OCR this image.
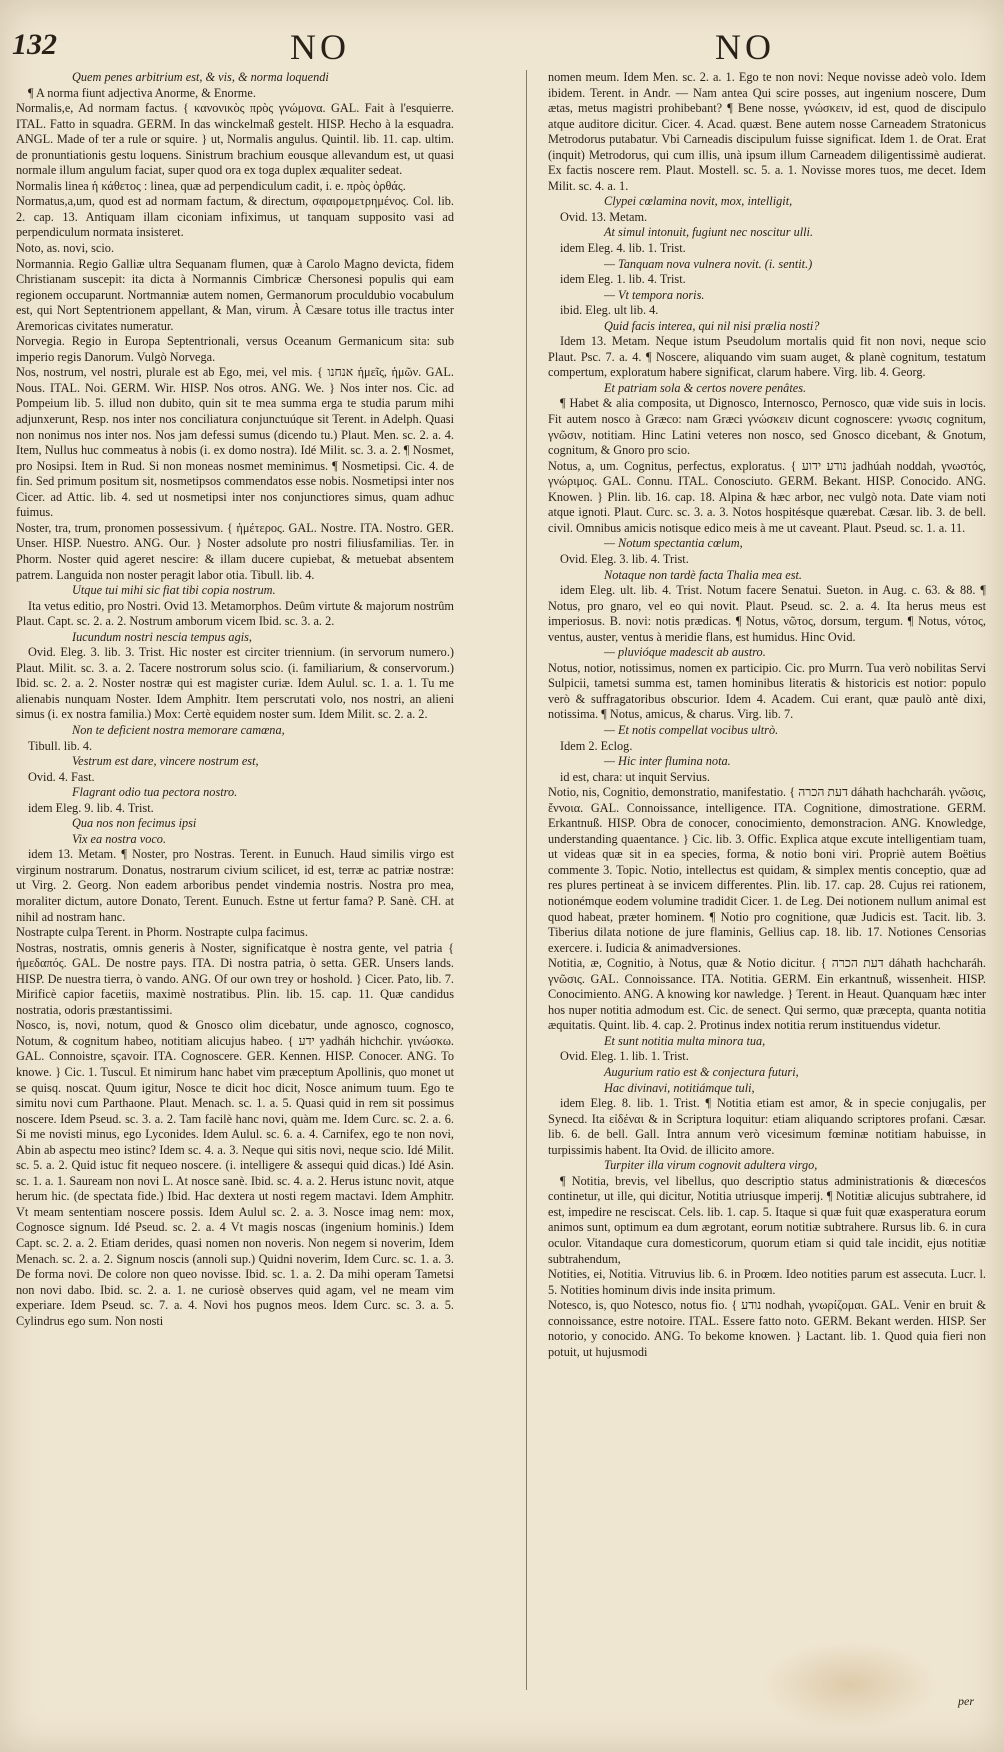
132	NO	NO

Quem penes arbitrium est, & vis, & norma loquendi

¶ A norma fiunt adjectiva Anorme, & Enorme.

Normalis,e, Ad normam factus. { κανονικὸς πρὸς γνώμονα. GAL. Fait à l'esquierre. ITAL. Fatto in squadra. GERM. In das winckelmaß gestelt. HISP. Hecho à la esquadra. ANGL. Made of ter a rule or squire. } ut, Normalis angulus. Quintil. lib. 11. cap. ultim. de pronuntiationis gestu loquens. Sinistrum brachium eousque allevandum est, ut quasi normale illum angulum faciat, super quod ora ex toga duplex æqualiter sedeat.

Normalis linea ἡ κάθετος : linea, quæ ad perpendiculum cadit, i. e. πρὸς ὀρθάς.

Normatus,a,um, quod est ad normam factum, & directum, σφαιρομετρημένος. Col. lib. 2. cap. 13. Antiquam illam ciconiam infiximus, ut tanquam supposito vasi ad perpendiculum normata insisteret.

Noto, as. novi, scio.

Normannia. Regio Galliæ ultra Sequanam flumen, quæ à Carolo Magno devicta, fidem Christianam suscepit: ita dicta à Normannis Cimbricæ Chersonesi populis qui eam regionem occuparunt. Nortmanniæ autem nomen, Germanorum proculdubio vocabulum est, qui Nort Septentrionem appellant, & Man, virum. À Cæsare totus ille tractus inter Aremoricas civitates numeratur.

Norvegia. Regio in Europa Septentrionali, versus Oceanum Germanicum sita: sub imperio regis Danorum. Vulgò Norvega.

Nos, nostrum, vel nostri, plurale est ab Ego, mei, vel mis. { אנחנו ἡμεῖς, ἡμῶν. GAL. Nous. ITAL. Noi. GERM. Wir. HISP. Nos otros. ANG. We. } Nos inter nos. Cic. ad Pompeium lib. 5. illud non dubito, quin sit te mea summa erga te studia parum mihi adjunxerunt, Resp. nos inter nos conciliatura conjunctuúque sit Terent. in Adelph. Quasi non nonimus nos inter nos. Nos jam defessi sumus (dicendo tu.) Plaut. Men. sc. 2. a. 4. Item, Nullus huc commeatus à nobis (i. ex domo nostra). Idé Milit. sc. 3. a. 2. ¶ Nosmet, pro Nosipsi. Item in Rud. Si non moneas nosmet meminimus. ¶ Nosmetipsi. Cic. 4. de fin. Sed primum positum sit, nosmetipsos commendatos esse nobis. Nosmetipsi inter nos Cicer. ad Attic. lib. 4. sed ut nosmetipsi inter nos conjunctiores simus, quam adhuc fuimus.

Noster, tra, trum, pronomen possessivum. { ἡμέτερος. GAL. Nostre. ITA. Nostro. GER. Unser. HISP. Nuestro. ANG. Our. } Noster adsolute pro nostri filiusfamilias. Ter. in Phorm. Noster quid ageret nescire: & illam ducere cupiebat, & metuebat absentem patrem. Languida non noster peragit labor otia. Tibull. lib. 4.

Utque tui mihi sic fiat tibi copia nostrum.

Ita vetus editio, pro Nostri. Ovid 13. Metamorphos. Deûm virtute & majorum nostrûm Plaut. Capt. sc. 2. a. 2. Nostrum amborum vicem Ibid. sc. 3. a. 2.

Iucundum nostri nescia tempus agis,

Ovid. Eleg. 3. lib. 3. Trist. Hic noster est circiter triennium. (in servorum numero.) Plaut. Milit. sc. 3. a. 2. Tacere nostrorum solus scio. (i. familiarium, & conservorum.) Ibid. sc. 2. a. 2. Noster nostræ qui est magister curiæ. Idem Aulul. sc. 1. a. 1. Tu me alienabis nunquam Noster. Idem Amphitr. Item perscrutati volo, nos nostri, an alieni simus (i. ex nostra familia.) Mox: Certè equidem noster sum. Idem Milit. sc. 2. a. 2.

Non te deficient nostra memorare camœna,

Tibull. lib. 4.

Vestrum est dare, vincere nostrum est,

Ovid. 4. Fast.

Flagrant odio tua pectora nostro.

idem Eleg. 9. lib. 4. Trist.

Qua nos non fecimus ipsi

Vix ea nostra voco.

idem 13. Metam. ¶ Noster, pro Nostras. Terent. in Eunuch. Haud similis virgo est virginum nostrarum. Donatus, nostrarum civium scilicet, id est, terræ ac patriæ nostræ: ut Virg. 2. Georg. Non eadem arboribus pendet vindemia nostris. Nostra pro mea, moraliter dictum, autore Donato, Terent. Eunuch. Estne ut fertur fama? P. Sanè. CH. at nihil ad nostram hanc.

Nostrapte culpa Terent. in Phorm. Nostrapte culpa facimus.

Nostras, nostratis, omnis generis à Noster, significatque è nostra gente, vel patria { ἡμεδαπός. GAL. De nostre pays. ITA. Di nostra patria, ò setta. GER. Unsers lands. HISP. De nuestra tierra, ò vando. ANG. Of our own trey or hoshold. } Cicer. Pato, lib. 7. Mirificè capior facetiis, maximè nostratibus. Plin. lib. 15. cap. 11. Quæ candidus nostratia, odoris præstantissimi.

Nosco, is, novi, notum, quod & Gnosco olim dicebatur, unde agnosco, cognosco, Notum, & cognitum habeo, notitiam alicujus habeo. { ידע yadháh hichchir. γινώσκω. GAL. Connoistre, sçavoir. ITA. Cognoscere. GER. Kennen. HISP. Conocer. ANG. To knowe. } Cic. 1. Tuscul. Et nimirum hanc habet vim præceptum Apollinis, quo monet ut se quisq. noscat. Quum igitur, Nosce te dicit hoc dicit, Nosce animum tuum. Ego te simitu novi cum Parthaone. Plaut. Menach. sc. 1. a. 5. Quasi quid in rem sit possimus noscere. Idem Pseud. sc. 3. a. 2. Tam facilè hanc novi, quàm me. Idem Curc. sc. 2. a. 6. Si me novisti minus, ego Lyconides. Idem Aulul. sc. 6. a. 4. Carnifex, ego te non novi, Abin ab aspectu meo istinc? Idem sc. 4. a. 3. Neque qui sitis novi, neque scio. Idé Milit. sc. 5. a. 2. Quid istuc fit nequeo noscere. (i. intelligere & assequi quid dicas.) Idé Asin. sc. 1. a. 1. Sauream non novi L. At nosce sanè. Ibid. sc. 4. a. 2. Herus istunc novit, atque herum hic. (de spectata fide.) Ibid. Hac dextera ut nosti regem mactavi. Idem Amphitr. Vt meam sententiam noscere possis. Idem Aulul sc. 2. a. 3. Nosce imag nem: mox, Cognosce signum. Idé Pseud. sc. 2. a. 4 Vt magis noscas (ingenium hominis.) Idem Capt. sc. 2. a. 2. Etiam derides, quasi nomen non noveris. Non negem si noverim, Idem Menach. sc. 2. a. 2. Signum noscis (annoli sup.) Quidni noverim, Idem Curc. sc. 1. a. 3. De forma novi. De colore non queo novisse. Ibid. sc. 1. a. 2. Da mihi operam Tametsi non novi dabo. Ibid. sc. 2. a. 1. ne curiosè observes quid agam, vel ne meam vim experiare. Idem Pseud. sc. 7. a. 4. Novi hos pugnos meos. Idem Curc. sc. 3. a. 5. Cylindrus ego sum. Non nosti

nomen meum. Idem Men. sc. 2. a. 1. Ego te non novi: Neque novisse adeò volo. Idem ibidem. Terent. in Andr. — Nam antea Qui scire posses, aut ingenium noscere, Dum ætas, metus magistri prohibebant? ¶ Bene nosse, γνώσκειν, id est, quod de discipulo atque auditore dicitur. Cicer. 4. Acad. quæst. Bene autem nosse Carneadem Stratonicus Metrodorus putabatur. Vbi Carneadis discipulum fuisse significat. Idem 1. de Orat. Erat (inquit) Metrodorus, qui cum illis, unà ipsum illum Carneadem diligentissimè audierat. Ex factis noscere rem. Plaut. Mostell. sc. 5. a. 1. Novisse mores tuos, me decet. Idem Milit. sc. 4. a. 1.

Clypei cœlamina novit, mox, intelligit,

Ovid. 13. Metam.

At simul intonuit, fugiunt nec noscitur ulli.

idem Eleg. 4. lib. 1. Trist.

— Tanquam nova vulnera novit. (i. sentit.)

idem Eleg. 1. lib. 4. Trist.

— Vt tempora noris.

ibid. Eleg. ult lib. 4.

Quid facis interea, qui nil nisi prælia nosti?

Idem 13. Metam. Neque istum Pseudolum mortalis quid fit non novi, neque scio Plaut. Psc. 7. a. 4. ¶ Noscere, aliquando vim suam auget, & planè cognitum, testatum compertum, exploratum habere significat, clarum habere. Virg. lib. 4. Georg.

Et patriam sola & certos novere penâtes.

¶ Habet & alia composita, ut Dignosco, Internosco, Pernosco, quæ vide suis in locis. Fit autem nosco à Græco: nam Græci γνώσκειν dicunt cognoscere: γνωσις cognitum, γνῶσιν, notitiam. Hinc Latini veteres non nosco, sed Gnosco dicebant, & Gnotum, cognitum, & Gnoro pro scio.

Notus, a, um. Cognitus, perfectus, exploratus. { נודע ידוע jadhúah noddah, γνωστός, γνώριμος. GAL. Connu. ITAL. Conosciuto. GERM. Bekant. HISP. Conocido. ANG. Knowen. } Plin. lib. 16. cap. 18. Alpina & hæc arbor, nec vulgò nota. Date viam noti atque ignoti. Plaut. Curc. sc. 3. a. 3. Notos hospitésque quærebat. Cæsar. lib. 3. de bell. civil. Omnibus amicis notisque edico meis à me ut caveant. Plaut. Pseud. sc. 1. a. 11.

— Notum spectantia cœlum,

Ovid. Eleg. 3. lib. 4. Trist.

Notaque non tardè facta Thalia mea est.

idem Eleg. ult. lib. 4. Trist. Notum facere Senatui. Sueton. in Aug. c. 63. & 88. ¶ Notus, pro gnaro, vel eo qui novit. Plaut. Pseud. sc. 2. a. 4. Ita herus meus est imperiosus. B. novi: notis prædicas. ¶ Notus, νῶτος, dorsum, tergum. ¶ Notus, νότος, ventus, auster, ventus à meridie flans, est humidus. Hinc Ovid.

— pluvióque madescit ab austro.

Notus, notior, notissimus, nomen ex participio. Cic. pro Murrn. Tua verò nobilitas Servi Sulpicii, tametsi summa est, tamen hominibus literatis & historicis est notior: populo verò & suffragatoribus obscurior. Idem 4. Academ. Cui erant, quæ paulò antè dixi, notissima. ¶ Notus, amicus, & charus. Virg. lib. 7.

— Et notis compellat vocibus ultrò.

Idem 2. Eclog.

— Hic inter flumina nota.

id est, chara: ut inquit Servius.

Notio, nis, Cognitio, demonstratio, manifestatio. { דעת הכרה dáhath hachcharáh. γνῶσις, ἔννοια. GAL. Connoissance, intelligence. ITA. Cognitione, dimostratione. GERM. Erkantnuß. HISP. Obra de conocer, conocimiento, demonstracion. ANG. Knowledge, understanding quaentance. } Cic. lib. 3. Offic. Explica atque excute intelligentiam tuam, ut videas quæ sit in ea species, forma, & notio boni viri. Propriè autem Boëtius commente 3. Topic. Notio, intellectus est quidam, & simplex mentis conceptio, quæ ad res plures pertineat à se invicem differentes. Plin. lib. 17. cap. 28. Cujus rei rationem, notionémque eodem volumine tradidit Cicer. 1. de Leg. Dei notionem nullum animal est quod habeat, præter hominem. ¶ Notio pro cognitione, quæ Judicis est. Tacit. lib. 3. Tiberius dilata notione de jure flaminis, Gellius cap. 18. lib. 17. Notiones Censorias exercere. i. Iudicia & animadversiones.

Notitia, æ, Cognitio, à Notus, quæ & Notio dicitur. { דעת הכרה dáhath hachcharáh. γνῶσις. GAL. Connoissance. ITA. Notitia. GERM. Ein erkantnuß, wissenheit. HISP. Conocimiento. ANG. A knowing kor nawledge. } Terent. in Heaut. Quanquam hæc inter hos nuper notitia admodum est. Cic. de senect. Qui sermo, quæ præcepta, quanta notitia æquitatis. Quint. lib. 4. cap. 2. Protinus index notitia rerum instituendus videtur.

Et sunt notitia multa minora tua,

Ovid. Eleg. 1. lib. 1. Trist.

Augurium ratio est & conjectura futuri,

Hac divinavi, notitiámque tuli,

idem Eleg. 8. lib. 1. Trist. ¶ Notitia etiam est amor, & in specie conjugalis, per Synecd. Ita εἰδέναι & in Scriptura loquitur: etiam aliquando scriptores profani. Cæsar. lib. 6. de bell. Gall. Intra annum verò vicesimum fœminæ notitiam habuisse, in turpissimis habent. Ita Ovid. de illicito amore.

Turpiter illa virum cognovit adultera virgo,

¶ Notitia, brevis, vel libellus, quo descriptio status administrationis & diœcesćos continetur, ut ille, qui dicitur, Notitia utriusque imperij. ¶ Notitiæ alicujus subtrahere, id est, impedire ne resciscat. Cels. lib. 1. cap. 5. Itaque si quæ fuit quæ exasperatura eorum animos sunt, optimum ea dum ægrotant, eorum notitiæ subtrahere. Rursus lib. 6. in cura oculor. Vitandaque cura domesticorum, quorum etiam si quid tale incidit, ejus notitiæ subtrahendum,

Notities, ei, Notitia. Vitruvius lib. 6. in Proœm. Ideo notities parum est assecuta. Lucr. l. 5. Notities hominum divis inde insita primum.

Notesco, is, quo Notesco, notus fio. { נודע nodhah, γνωρίζομαι. GAL. Venir en bruit & connoissance, estre notoire. ITAL. Essere fatto noto. GERM. Bekant werden. HISP. Ser notorio, y conocido. ANG. To bekome knowen. } Lactant. lib. 1. Quod quia fieri non potuit, ut hujusmodi

per
